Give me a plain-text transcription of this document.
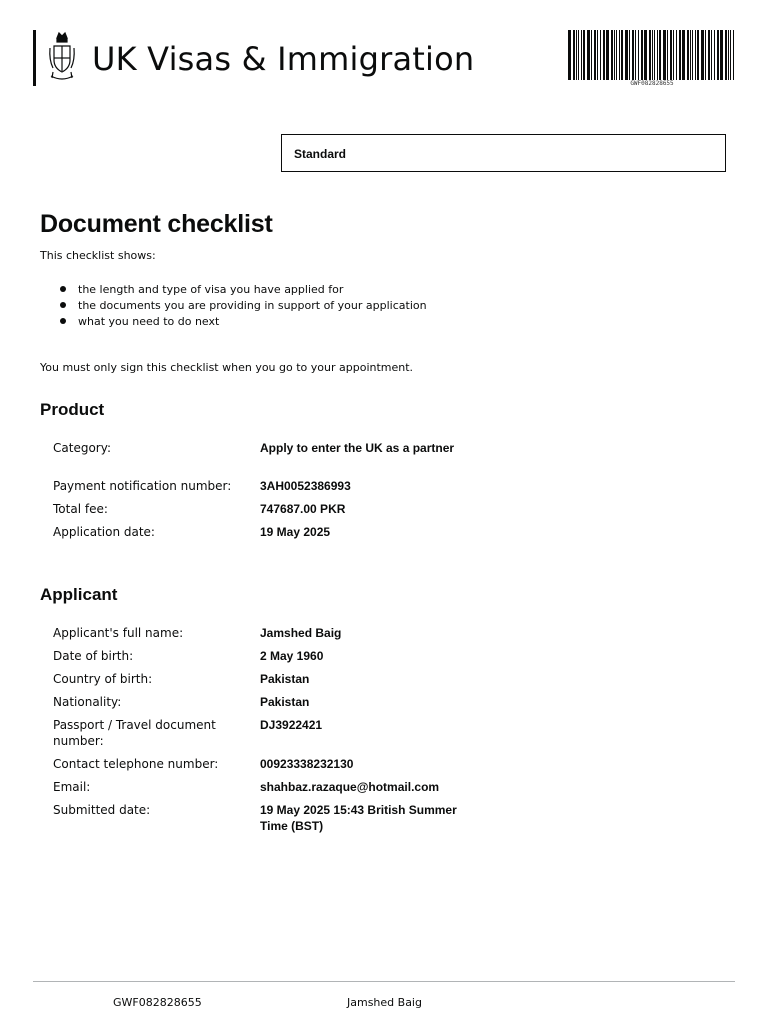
UK Visas & Immigration
GWF082828655
Standard
Document checklist
This checklist shows:
the length and type of visa you have applied for
the documents you are providing in support of your application
what you need to do next
You must only sign this checklist when you go to your appointment.
Product
Category:	Apply to enter the UK as a partner
Payment notification number:	3AH0052386993
Total fee:	747687.00 PKR
Application date:	19 May 2025
Applicant
Applicant's full name:	Jamshed Baig
Date of birth:	2 May 1960
Country of birth:	Pakistan
Nationality:	Pakistan
Passport / Travel document number:
DJ3922421
Contact telephone number:	00923338232130
Email:	shahbaz.razaque@hotmail.com
Submitted date:	19 May 2025 15:43 British Summer Time (BST)
GWF082828655	Jamshed Baig
